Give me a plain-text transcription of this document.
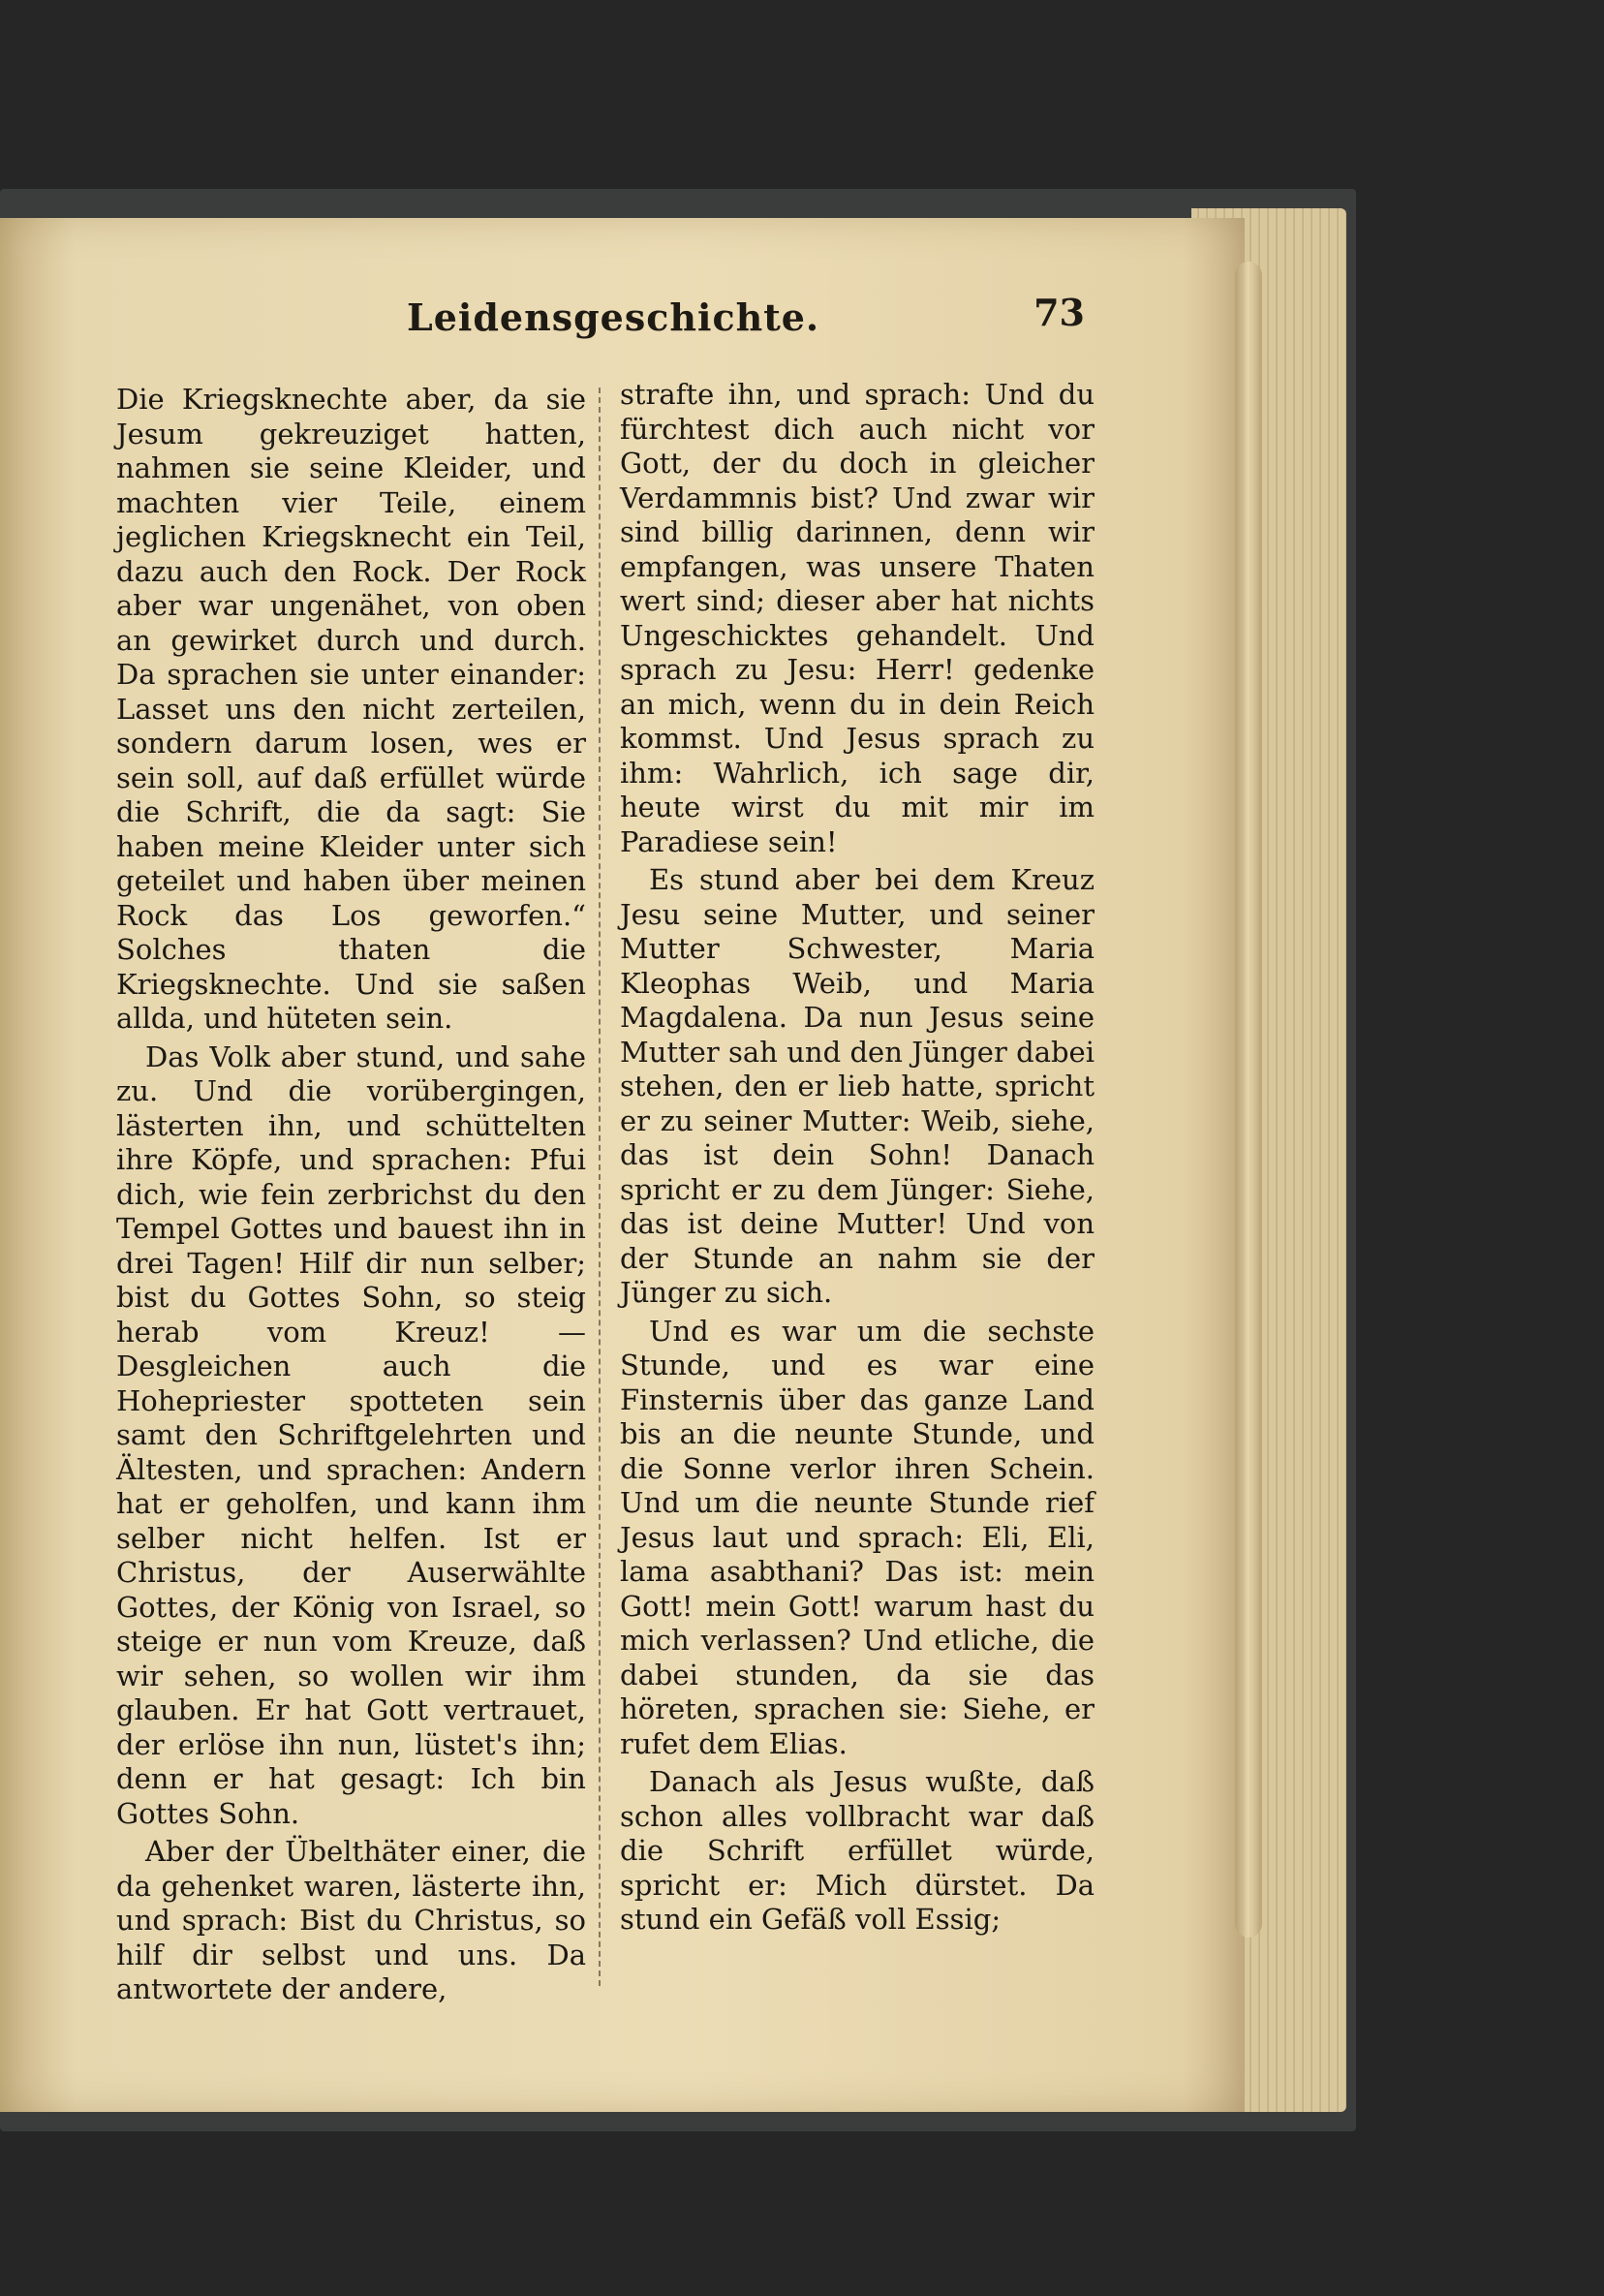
Leidensgeschichte.	73

Die Kriegsknechte aber, da sie Jesum gekreuziget hatten, nahmen sie seine Kleider, und machten vier Teile, einem jeglichen Kriegsknecht ein Teil, dazu auch den Rock. Der Rock aber war ungenähet, von oben an gewirket durch und durch. Da sprachen sie unter einander: Lasset uns den nicht zerteilen, sondern darum losen, wes er sein soll, auf daß erfüllet würde die Schrift, die da sagt: Sie haben meine Kleider unter sich geteilet und haben über meinen Rock das Los geworfen.“ Solches thaten die Kriegsknechte. Und sie saßen allda, und hüteten sein.

Das Volk aber stund, und sahe zu. Und die vorübergingen, lästerten ihn, und schüttelten ihre Köpfe, und sprachen: Pfui dich, wie fein zerbrichst du den Tempel Gottes und bauest ihn in drei Tagen! Hilf dir nun selber; bist du Gottes Sohn, so steig herab vom Kreuz! — Desgleichen auch die Hohepriester spotteten sein samt den Schriftgelehrten und Ältesten, und sprachen: Andern hat er geholfen, und kann ihm selber nicht helfen. Ist er Christus, der Auserwählte Gottes, der König von Israel, so steige er nun vom Kreuze, daß wir sehen, so wollen wir ihm glauben. Er hat Gott vertrauet, der erlöse ihn nun, lüstet's ihn; denn er hat gesagt: Ich bin Gottes Sohn.

Aber der Übelthäter einer, die da gehenket waren, lästerte ihn, und sprach: Bist du Christus, so hilf dir selbst und uns. Da antwortete der andere,

strafte ihn, und sprach: Und du fürchtest dich auch nicht vor Gott, der du doch in gleicher Verdammnis bist? Und zwar wir sind billig darinnen, denn wir empfangen, was unsere Thaten wert sind; dieser aber hat nichts Ungeschicktes gehandelt. Und sprach zu Jesu: Herr! gedenke an mich, wenn du in dein Reich kommst. Und Jesus sprach zu ihm: Wahrlich, ich sage dir, heute wirst du mit mir im Paradiese sein!

Es stund aber bei dem Kreuz Jesu seine Mutter, und seiner Mutter Schwester, Maria Kleophas Weib, und Maria Magdalena. Da nun Jesus seine Mutter sah und den Jünger dabei stehen, den er lieb hatte, spricht er zu seiner Mutter: Weib, siehe, das ist dein Sohn! Danach spricht er zu dem Jünger: Siehe, das ist deine Mutter! Und von der Stunde an nahm sie der Jünger zu sich.

Und es war um die sechste Stunde, und es war eine Finsternis über das ganze Land bis an die neunte Stunde, und die Sonne verlor ihren Schein. Und um die neunte Stunde rief Jesus laut und sprach: Eli, Eli, lama asabthani? Das ist: mein Gott! mein Gott! warum hast du mich verlassen? Und etliche, die dabei stunden, da sie das höreten, sprachen sie: Siehe, er rufet dem Elias.

Danach als Jesus wußte, daß schon alles vollbracht war daß die Schrift erfüllet würde, spricht er: Mich dürstet. Da stund ein Gefäß voll Essig;
